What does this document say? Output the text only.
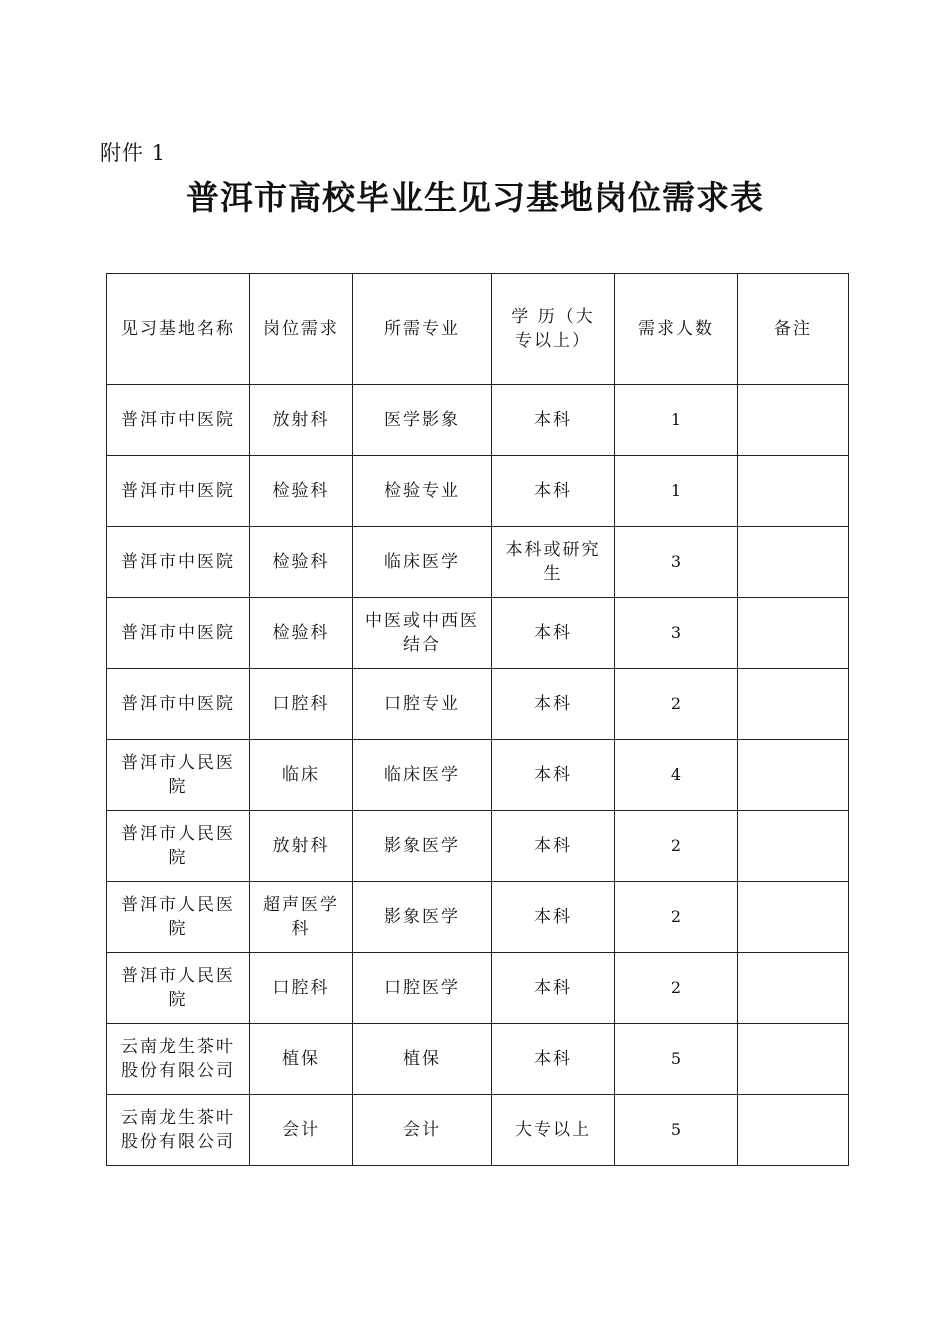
附件 1
普洱市高校毕业生见习基地岗位需求表
见习基地名称	岗位需求	所需专业	学 历（大专以上）	需求人数	备注
普洱市中医院	放射科	医学影象	本科	1	
普洱市中医院	检验科	检验专业	本科	1	
普洱市中医院	检验科	临床医学	本科或研究生	3	
普洱市中医院	检验科	中医或中西医结合	本科	3	
普洱市中医院	口腔科	口腔专业	本科	2	
普洱市人民医院	临床	临床医学	本科	4	
普洱市人民医院	放射科	影象医学	本科	2	
普洱市人民医院	超声医学科	影象医学	本科	2	
普洱市人民医院	口腔科	口腔医学	本科	2	
云南龙生茶叶股份有限公司	植保	植保	本科	5	
云南龙生茶叶股份有限公司	会计	会计	大专以上	5	
